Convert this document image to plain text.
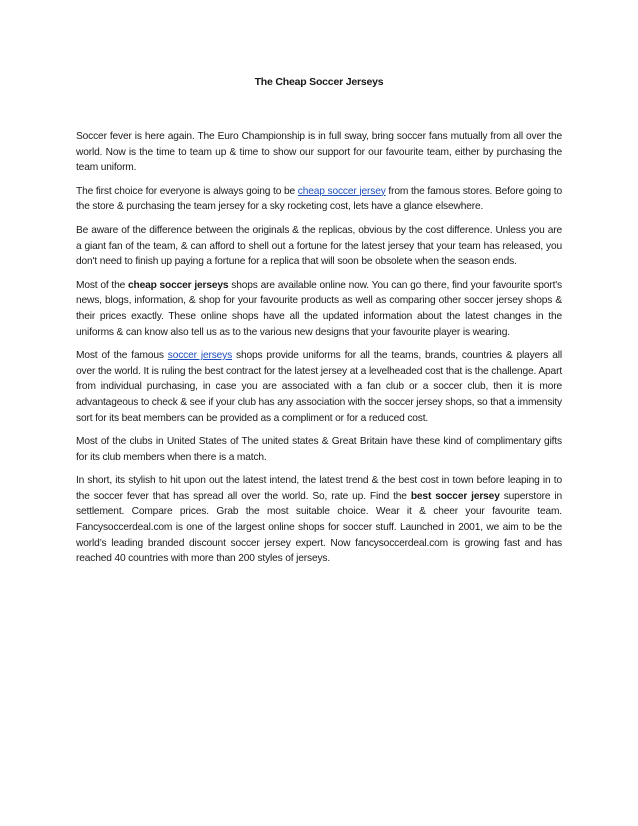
The Cheap Soccer Jerseys

Soccer fever is here again. The Euro Championship is in full sway, bring soccer fans mutually from all over the world. Now is the time to team up & time to show our support for our favourite team, either by purchasing the team uniform.

The first choice for everyone is always going to be cheap soccer jersey from the famous stores. Before going to the store & purchasing the team jersey for a sky rocketing cost, lets have a glance elsewhere.

Be aware of the difference between the originals & the replicas, obvious by the cost difference. Unless you are a giant fan of the team, & can afford to shell out a fortune for the latest jersey that your team has released, you don't need to finish up paying a fortune for a replica that will soon be obsolete when the season ends.

Most of the cheap soccer jerseys shops are available online now. You can go there, find your favourite sport's news, blogs, information, & shop for your favourite products as well as comparing other soccer jersey shops & their prices exactly. These online shops have all the updated information about the latest changes in the uniforms & can know also tell us as to the various new designs that your favourite player is wearing.

Most of the famous soccer jerseys shops provide uniforms for all the teams, brands, countries & players all over the world. It is ruling the best contract for the latest jersey at a levelheaded cost that is the challenge. Apart from individual purchasing, in case you are associated with a fan club or a soccer club, then it is more advantageous to check & see if your club has any association with the soccer jersey shops, so that a immensity sort for its beat members can be provided as a compliment or for a reduced cost.

Most of the clubs in United States of The united states & Great Britain have these kind of complimentary gifts for its club members when there is a match.

In short, its stylish to hit upon out the latest intend, the latest trend & the best cost in town before leaping in to the soccer fever that has spread all over the world. So, rate up. Find the best soccer jersey superstore in settlement. Compare prices. Grab the most suitable choice. Wear it & cheer your favourite team. Fancysoccerdeal.com is one of the largest online shops for soccer stuff. Launched in 2001, we aim to be the world’s leading branded discount soccer jersey expert. Now fancysoccerdeal.com is growing fast and has reached 40 countries with more than 200 styles of jerseys.
